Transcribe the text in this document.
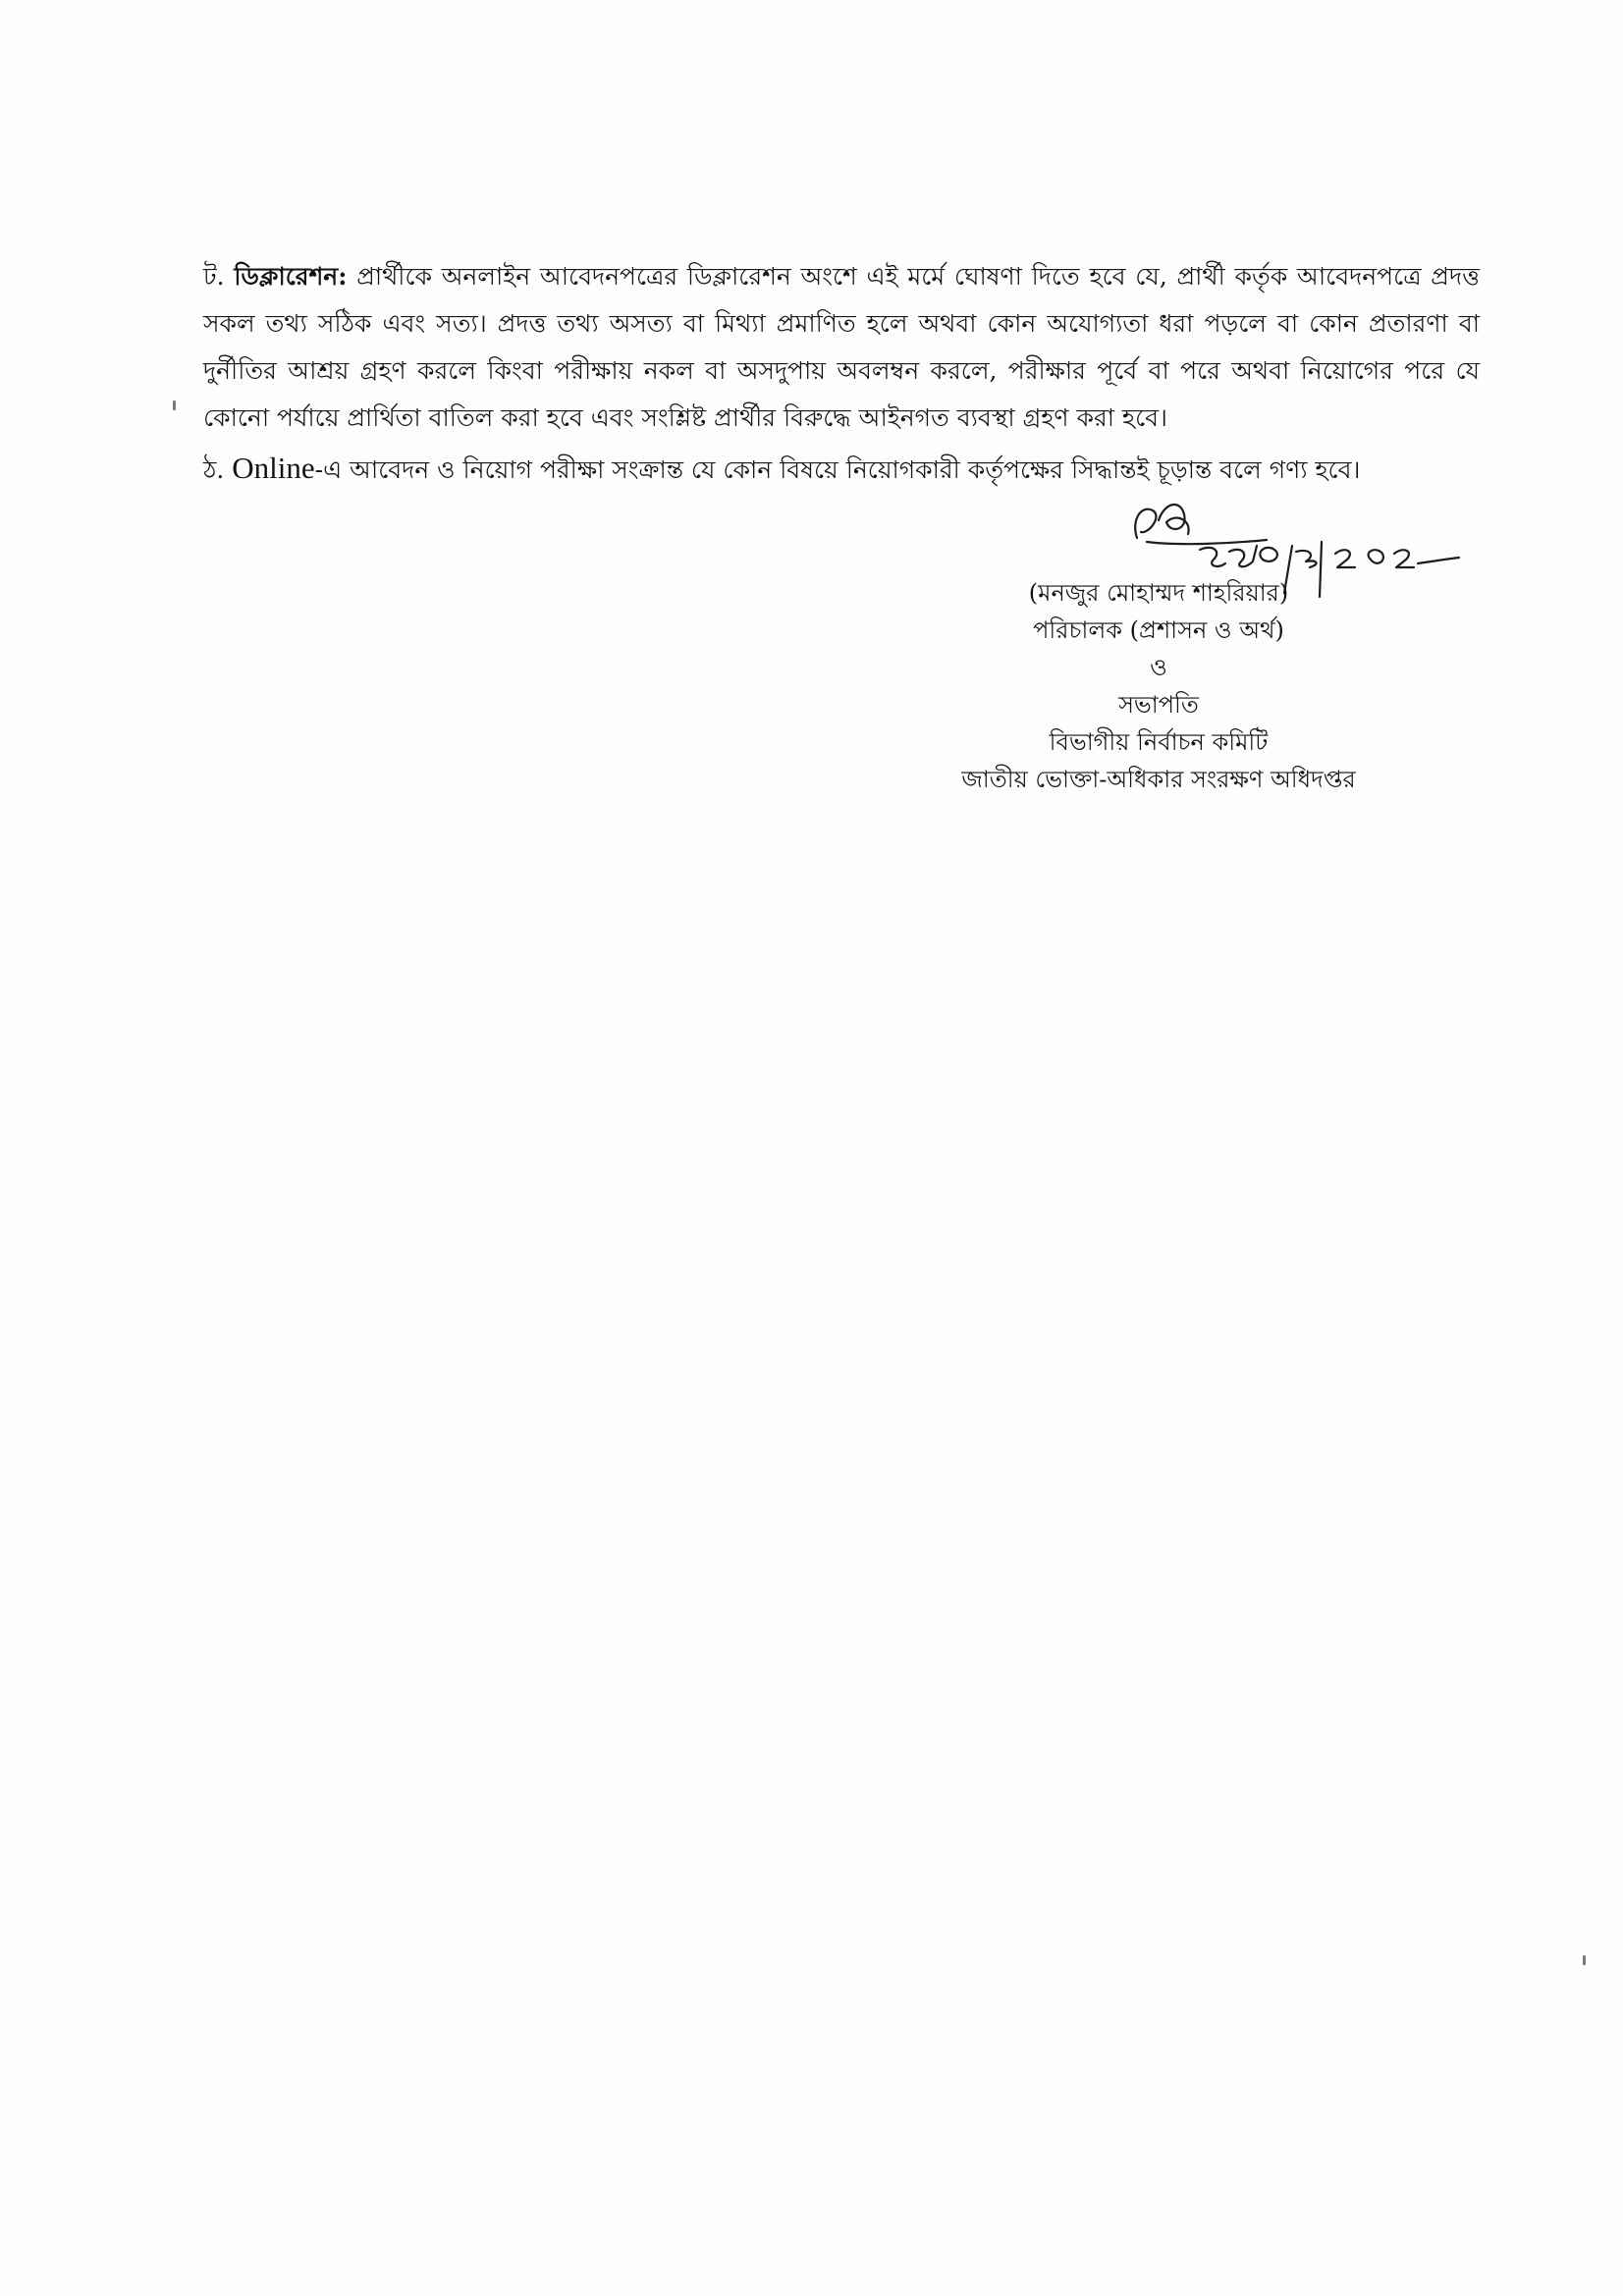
ট. ডিক্লারেশন: প্রার্থীকে অনলাইন আবেদনপত্রের ডিক্লারেশন অংশে এই মর্মে ঘোষণা দিতে হবে যে, প্রার্থী কর্তৃক আবেদনপত্রে প্রদত্ত সকল তথ্য সঠিক এবং সত্য। প্রদত্ত তথ্য অসত্য বা মিথ্যা প্রমাণিত হলে অথবা কোন অযোগ্যতা ধরা পড়লে বা কোন প্রতারণা বা দুর্নীতির আশ্রয় গ্রহণ করলে কিংবা পরীক্ষায় নকল বা অসদুপায় অবলম্বন করলে, পরীক্ষার পূর্বে বা পরে অথবা নিয়োগের পরে যে কোনো পর্যায়ে প্রার্থিতা বাতিল করা হবে এবং সংশ্লিষ্ট প্রার্থীর বিরুদ্ধে আইনগত ব্যবস্থা গ্রহণ করা হবে।

ঠ. Online-এ আবেদন ও নিয়োগ পরীক্ষা সংক্রান্ত যে কোন বিষয়ে নিয়োগকারী কর্তৃপক্ষের সিদ্ধান্তই চূড়ান্ত বলে গণ্য হবে।

(মনজুর মোহাম্মদ শাহরিয়ার)
পরিচালক (প্রশাসন ও অর্থ)
ও
সভাপতি
বিভাগীয় নির্বাচন কমিটি
জাতীয় ভোক্তা-অধিকার সংরক্ষণ অধিদপ্তর
